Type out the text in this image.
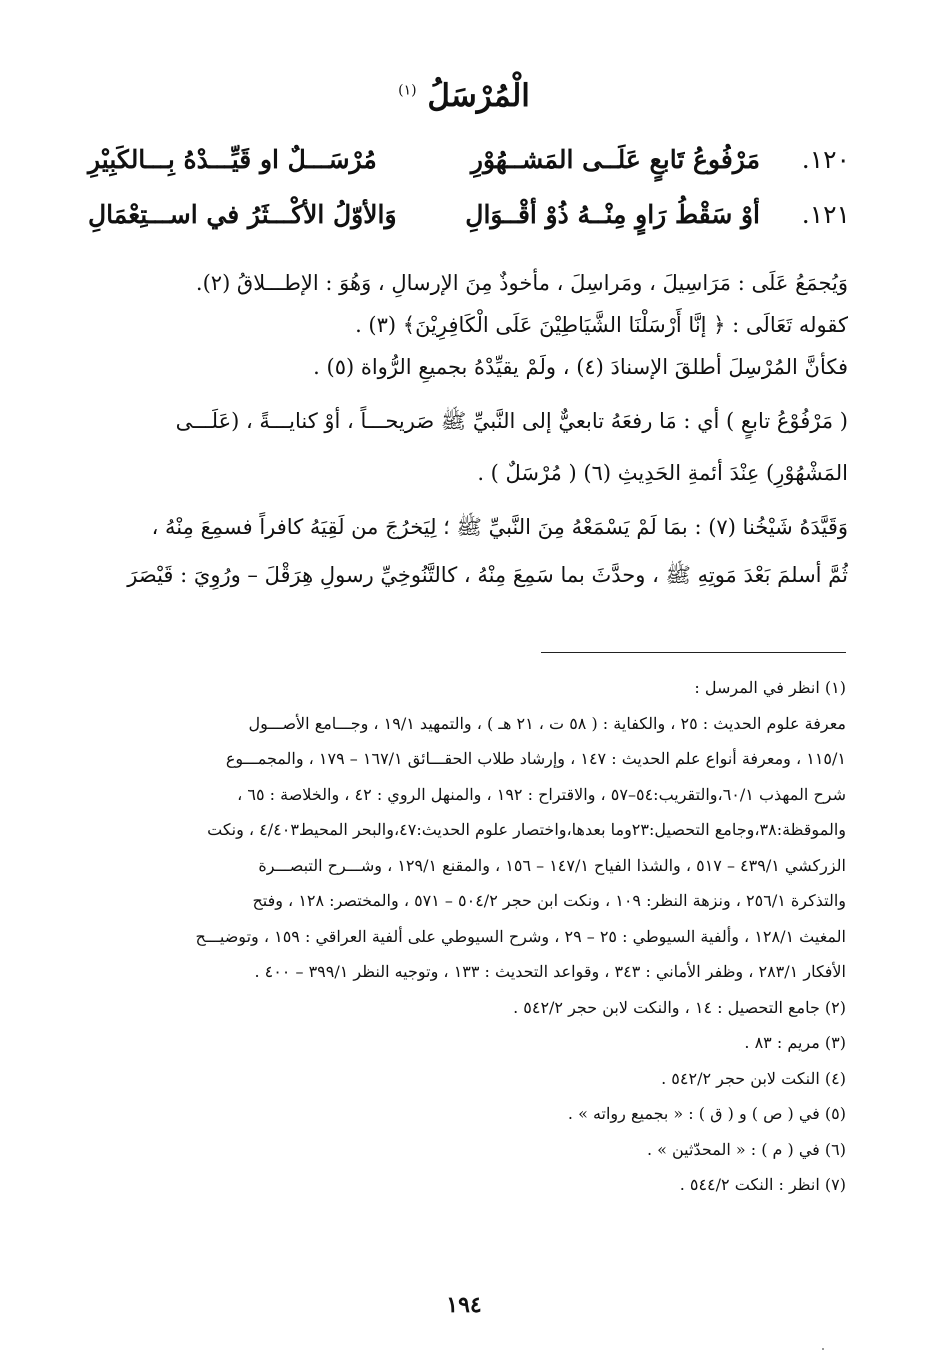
الْمُرْسَلُ $^{(١)}$
١٢٠.
مَرْفُوعُ تَابعٍ عَلَــى المَشــهُوْرِ
مُرْسَـــلٌ او قَيِّـــدْهُ بِـــالكَبِيْرِ
١٢١.
أوْ سَقْطُ رَاوٍ مِنْــهُ ذُوْ أقْــوَالِ
وَالأوّلُ الأكْـــثَرُ في اســـتِعْمَالِ
وَيُجمَعُ عَلَى : مَرَاسِيلَ ، ومَراسِلَ ، مأخوذٌ مِنَ الإرسالِ ، وَهُوَ : الإطـــلاقُ (٢).
كقوله تَعَالَى : ﴿ إنَّا أَرْسَلْنَا الشَّيَاطِيْنَ عَلَى الْكَافِرِيْنَ﴾ (٣) .
فكأنَّ المُرْسِلَ أطلقَ الإسنادَ (٤) ، ولَمْ يقيِّدْهُ بجميعِ الرُّواة (٥) .
( مَرْفُوْعُ تابعٍ ) أي : مَا رفعَهُ تابعيٌّ إلى النَّبيِّ ﷺ صَريحـــاً ، أوْ كنايـــةً ، (عَلَـــى
المَشْهُوْرِ) عِنْدَ أئمةِ الحَدِيثِ (٦) ( مُرْسَلٌ ) .
وَقَيَّدَهُ شَيْخُنا (٧) : بمَا لَمْ يَسْمَعْهُ مِنَ النَّبيِّ ﷺ ؛ لِيَخرُجَ من لَقِيَهُ كافراً فسمِعَ مِنْهُ ،
ثُمَّ أسلمَ بَعْدَ مَوتِهِ ﷺ ، وحدَّثَ بما سَمِعَ مِنْهُ ، كالتَّنُوخِيِّ رسولِ هِرَقْلَ – ورُوِيَ : قَيْصَرَ
(١) انظر في المرسل :
معرفة علوم الحديث : ٢٥ ، والكفاية : ( ٥٨ ت ، ٢١ هـ ) ، والتمهيد ١٩/١ ، وجـــامع الأصـــول
١١٥/١ ، ومعرفة أنواع علم الحديث : ١٤٧ ، وإرشاد طلاب الحقـــائق ١٦٧/١ – ١٧٩ ، والمجمـــوع
شرح المهذب ٦٠/١،والتقريب:٥٤–٥٧ ، والاقتراح : ١٩٢ ، والمنهل الروي : ٤٢ ، والخلاصة : ٦٥ ،
والموقظة:٣٨،وجامع التحصيل:٢٣وما بعدها،واختصار علوم الحديث:٤٧،والبحر المحيط٤/٤٠٣ ، ونكت
الزركشي ٤٣٩/١ – ٥١٧ ، والشذا الفياح ١٤٧/١ – ١٥٦ ، والمقنع ١٢٩/١ ، وشـــرح التبصـــرة
والتذكرة ٢٥٦/١ ، ونزهة النظر: ١٠٩ ، ونكت ابن حجر ٥٠٤/٢ – ٥٧١ ، والمختصر: ١٢٨ ، وفتح
المغيث ١٢٨/١ ، وألفية السيوطي : ٢٥ – ٢٩ ، وشرح السيوطي على ألفية العراقي : ١٥٩ ، وتوضيـــح
الأفكار ٢٨٣/١ ، وظفر الأماني : ٣٤٣ ، وقواعد التحديث : ١٣٣ ، وتوجيه النظر ٣٩٩/١ – ٤٠٠ .
(٢) جامع التحصيل : ١٤ ، والنكت لابن حجر ٥٤٢/٢ .
(٣) مريم : ٨٣ .
(٤) النكت لابن حجر ٥٤٢/٢ .
(٥) في ( ص ) و ( ق ) : « بجميع رواته » .
(٦) في ( م ) : « المحدّثين » .
(٧) انظر : النكت ٥٤٤/٢ .
١٩٤
